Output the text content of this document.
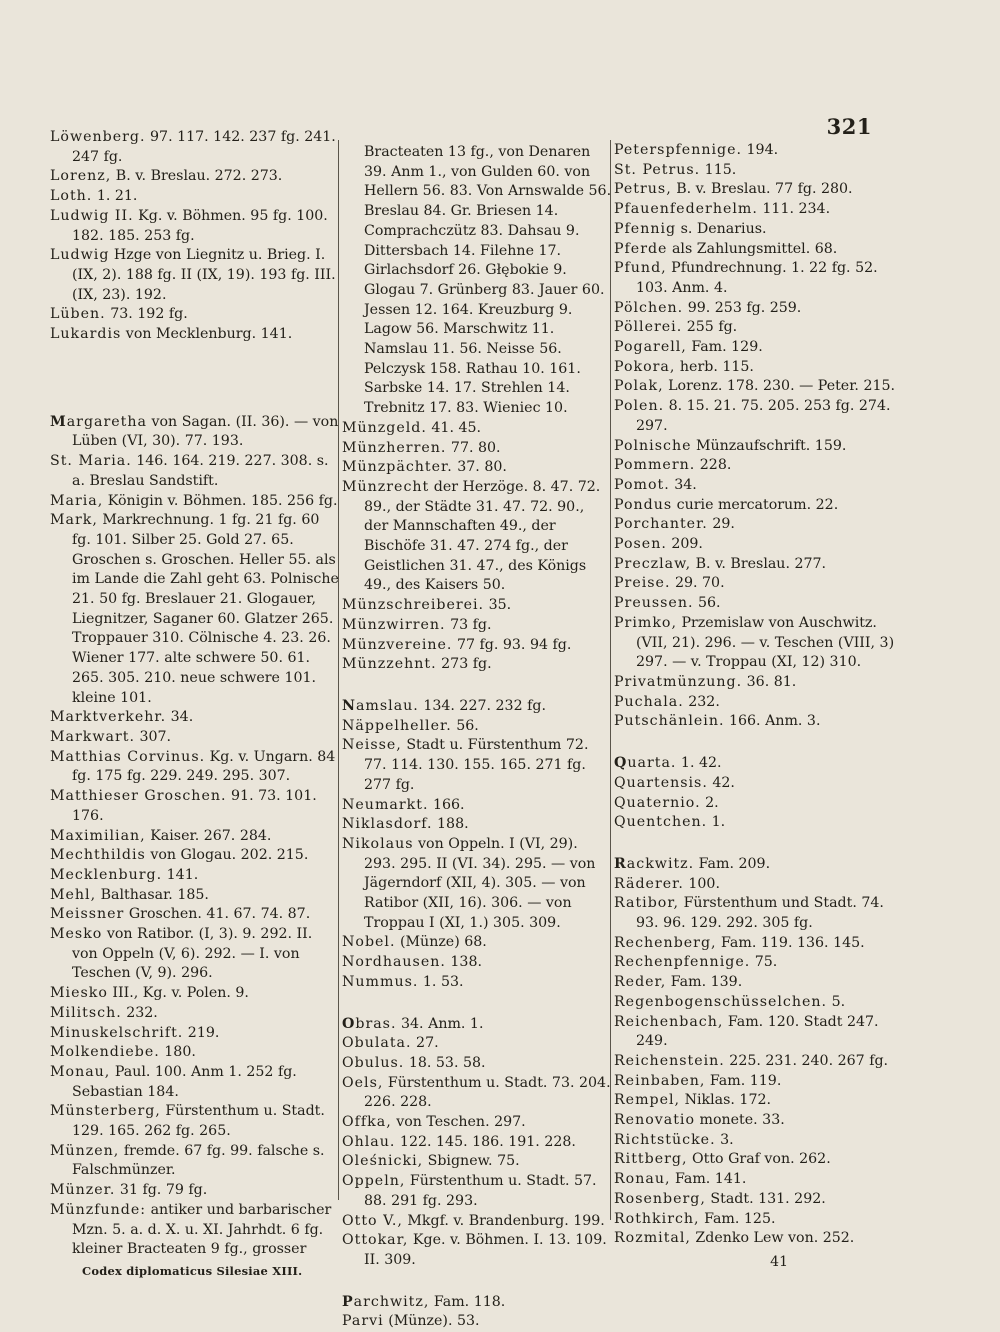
321
Löwenberg. 97. 117. 142. 237 fg. 241. 247 fg.
Lorenz, B. v. Breslau. 272. 273.
Loth. 1. 21.
Ludwig II. Kg. v. Böhmen. 95 fg. 100. 182. 185. 253 fg.
Ludwig Hzge von Liegnitz u. Brieg. I. (IX, 2). 188 fg. II (IX, 19). 193 fg. III. (IX, 23). 192.
Lüben. 73. 192 fg.
Lukardis von Mecklenburg. 141.
Margaretha von Sagan. (II. 36). — von Lüben (VI, 30). 77. 193.
St. Maria. 146. 164. 219. 227. 308. s. a. Breslau Sandstift.
Maria, Königin v. Böhmen. 185. 256 fg.
Mark, Markrechnung. 1 fg. 21 fg. 60 fg. 101. Silber 25. Gold 27. 65. Groschen s. Groschen. Heller 55. als im Lande die Zahl geht 63. Polnische 21. 50 fg. Breslauer 21. Glogauer, Liegnitzer, Saganer 60. Glatzer 265. Troppauer 310. Cölnische 4. 23. 26. Wiener 177. alte schwere 50. 61. 265. 305. 210. neue schwere 101. kleine 101.
Marktverkehr. 34.
Markwart. 307.
Matthias Corvinus. Kg. v. Ungarn. 84 fg. 175 fg. 229. 249. 295. 307.
Matthieser Groschen. 91. 73. 101. 176.
Maximilian, Kaiser. 267. 284.
Mechthildis von Glogau. 202. 215.
Mecklenburg. 141.
Mehl, Balthasar. 185.
Meissner Groschen. 41. 67. 74. 87.
Mesko von Ratibor. (I, 3). 9. 292. II. von Oppeln (V, 6). 292. — I. von Teschen (V, 9). 296.
Miesko III., Kg. v. Polen. 9.
Militsch. 232.
Minuskelschrift. 219.
Molkendiebe. 180.
Monau, Paul. 100. Anm 1. 252 fg. Sebastian 184.
Münsterberg, Fürstenthum u. Stadt. 129. 165. 262 fg. 265.
Münzen, fremde. 67 fg. 99. falsche s. Falschmünzer.
Münzer. 31 fg. 79 fg.
Münzfunde: antiker und barbarischer Mzn. 5. a. d. X. u. XI. Jahrhdt. 6 fg. kleiner Bracteaten 9 fg., grosser
Codex diplomaticus Silesiae XIII.
Bracteaten 13 fg., von Denaren 39. Anm 1., von Gulden 60. von Hellern 56. 83. Von Arnswalde 56. Breslau 84. Gr. Briesen 14. Comprachczütz 83. Dahsau 9. Dittersbach 14. Filehne 17. Girlachsdorf 26. Głębokie 9. Glogau 7. Grünberg 83. Jauer 60. Jessen 12. 164. Kreuzburg 9. Lagow 56. Marschwitz 11. Namslau 11. 56. Neisse 56. Pelczysk 158. Rathau 10. 161. Sarbske 14. 17. Strehlen 14. Trebnitz 17. 83. Wieniec 10.
Münzgeld. 41. 45.
Münzherren. 77. 80.
Münzpächter. 37. 80.
Münzrecht der Herzöge. 8. 47. 72. 89., der Städte 31. 47. 72. 90., der Mannschaften 49., der Bischöfe 31. 47. 274 fg., der Geistlichen 31. 47., des Königs 49., des Kaisers 50.
Münzschreiberei. 35.
Münzwirren. 73 fg.
Münzvereine. 77 fg. 93. 94 fg.
Münzzehnt. 273 fg.
Namslau. 134. 227. 232 fg.
Näppelheller. 56.
Neisse, Stadt u. Fürstenthum 72. 77. 114. 130. 155. 165. 271 fg. 277 fg.
Neumarkt. 166.
Niklasdorf. 188.
Nikolaus von Oppeln. I (VI, 29). 293. 295. II (VI. 34). 295. — von Jägerndorf (XII, 4). 305. — von Ratibor (XII, 16). 306. — von Troppau I (XI, 1.) 305. 309.
Nobel. (Münze) 68.
Nordhausen. 138.
Nummus. 1. 53.
Obras. 34. Anm. 1.
Obulata. 27.
Obulus. 18. 53. 58.
Oels, Fürstenthum u. Stadt. 73. 204. 226. 228.
Offka, von Teschen. 297.
Ohlau. 122. 145. 186. 191. 228.
Oleśnicki, Sbignew. 75.
Oppeln, Fürstenthum u. Stadt. 57. 88. 291 fg. 293.
Otto V., Mkgf. v. Brandenburg. 199.
Ottokar, Kge. v. Böhmen. I. 13. 109. II. 309.
Parchwitz, Fam. 118.
Parvi (Münze). 53.
Peterspfennige. 194.
St. Petrus. 115.
Petrus, B. v. Breslau. 77 fg. 280.
Pfauenfederhelm. 111. 234.
Pfennig s. Denarius.
Pferde als Zahlungsmittel. 68.
Pfund, Pfundrechnung. 1. 22 fg. 52. 103. Anm. 4.
Pölchen. 99. 253 fg. 259.
Pöllerei. 255 fg.
Pogarell, Fam. 129.
Pokora, herb. 115.
Polak, Lorenz. 178. 230. — Peter. 215.
Polen. 8. 15. 21. 75. 205. 253 fg. 274. 297.
Polnische Münzaufschrift. 159.
Pommern. 228.
Pomot. 34.
Pondus curie mercatorum. 22.
Porchanter. 29.
Posen. 209.
Preczlaw, B. v. Breslau. 277.
Preise. 29. 70.
Preussen. 56.
Primko, Przemislaw von Auschwitz. (VII, 21). 296. — v. Teschen (VIII, 3) 297. — v. Troppau (XI, 12) 310.
Privatmünzung. 36. 81.
Puchala. 232.
Putschänlein. 166. Anm. 3.
Quarta. 1. 42.
Quartensis. 42.
Quaternio. 2.
Quentchen. 1.
Rackwitz. Fam. 209.
Räderer. 100.
Ratibor, Fürstenthum und Stadt. 74. 93. 96. 129. 292. 305 fg.
Rechenberg, Fam. 119. 136. 145.
Rechenpfennige. 75.
Reder, Fam. 139.
Regenbogenschüsselchen. 5.
Reichenbach, Fam. 120. Stadt 247. 249.
Reichenstein. 225. 231. 240. 267 fg.
Reinbaben, Fam. 119.
Rempel, Niklas. 172.
Renovatio monete. 33.
Richtstücke. 3.
Rittberg, Otto Graf von. 262.
Ronau, Fam. 141.
Rosenberg, Stadt. 131. 292.
Rothkirch, Fam. 125.
Rozmital, Zdenko Lew von. 252.
41
